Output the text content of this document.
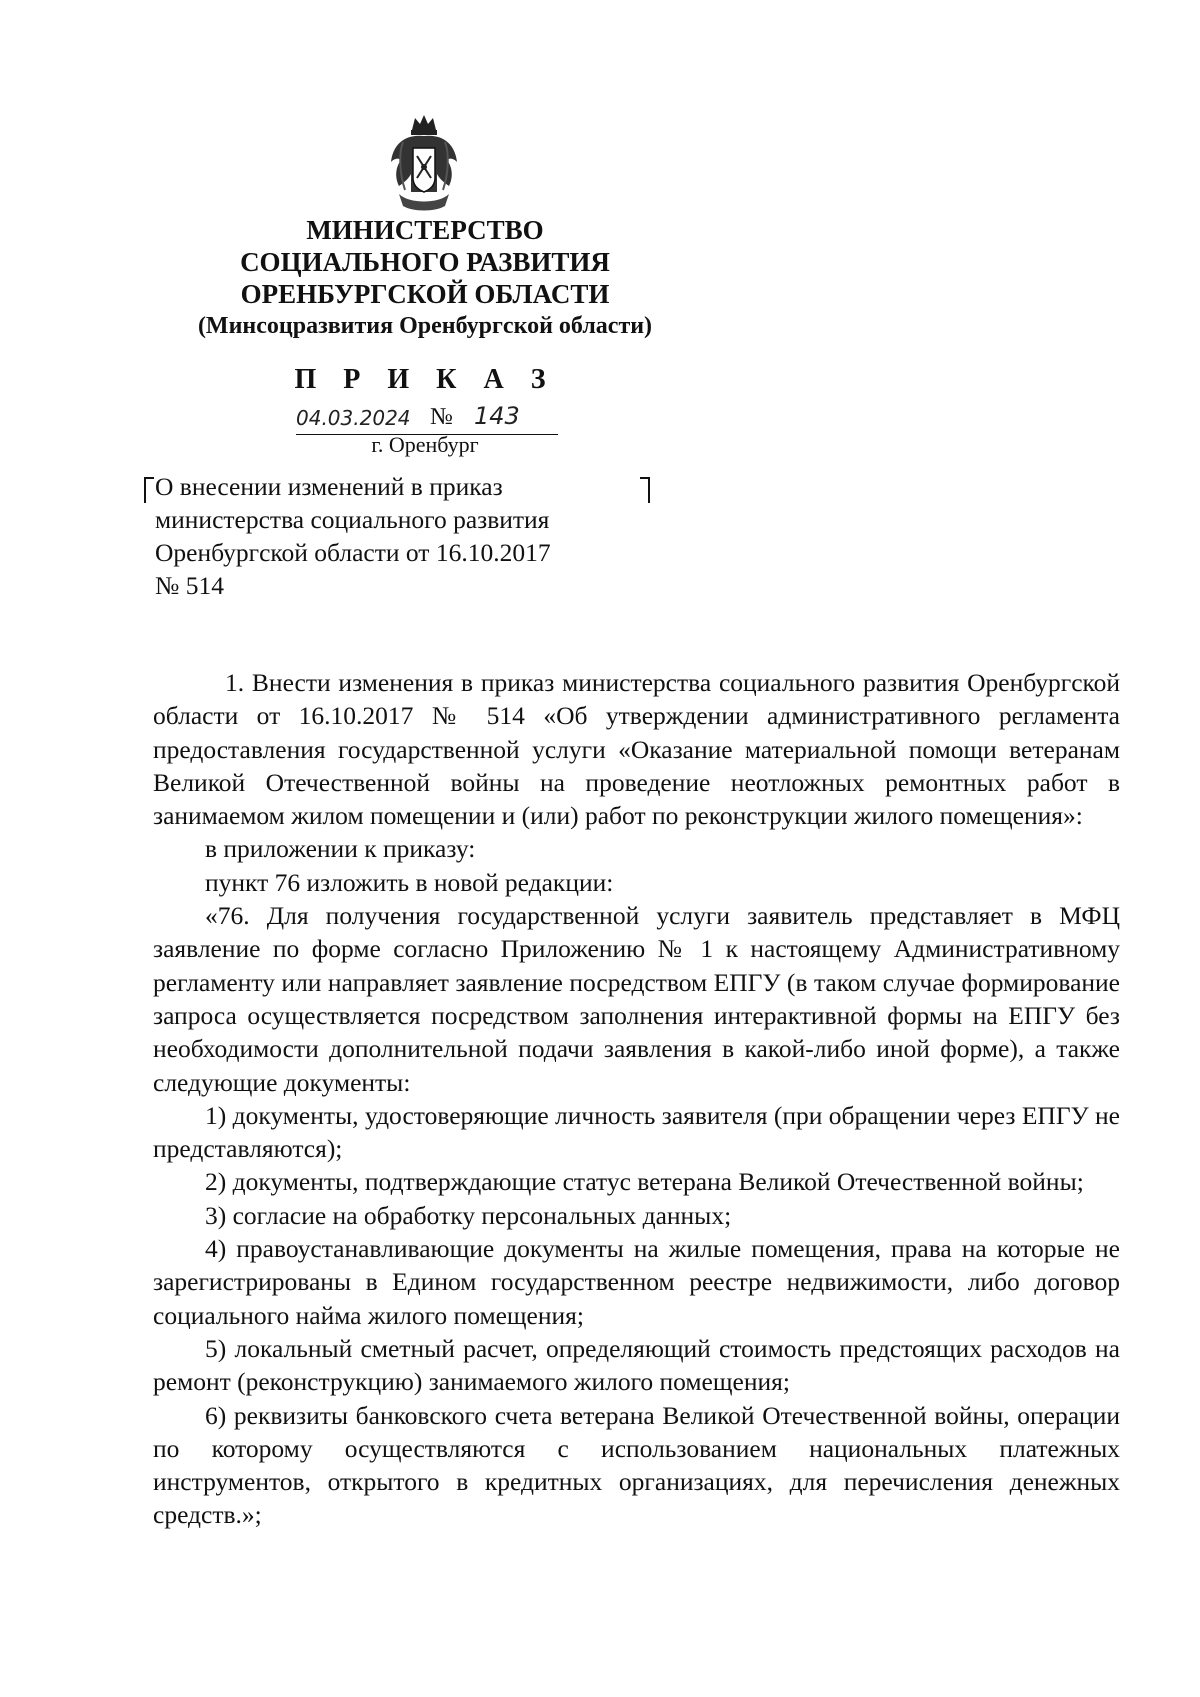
МИНИСТЕРСТВО
СОЦИАЛЬНОГО РАЗВИТИЯ
ОРЕНБУРГСКОЙ ОБЛАСТИ
(Минсоцразвития Оренбургской области)
П Р И К А З
04.03.2024 № 143
г. Оренбург
О внесении изменений в приказ
министерства социального развития
Оренбургской области от 16.10.2017
№ 514

1. Внести изменения в приказ министерства социального развития Оренбургской области от 16.10.2017 № 514 «Об утверждении административного регламента предоставления государственной услуги «Оказание материальной помощи ветеранам Великой Отечественной войны на проведение неотложных ремонтных работ в занимаемом жилом помещении и (или) работ по реконструкции жилого помещения»:

в приложении к приказу:

пункт 76 изложить в новой редакции:

«76. Для получения государственной услуги заявитель представляет в МФЦ заявление по форме согласно Приложению № 1 к настоящему Административному регламенту или направляет заявление посредством ЕПГУ (в таком случае формирование запроса осуществляется посредством заполнения интерактивной формы на ЕПГУ без необходимости дополнительной подачи заявления в какой-либо иной форме), а также следующие документы:

1) документы, удостоверяющие личность заявителя (при обращении через ЕПГУ не представляются);

2) документы, подтверждающие статус ветерана Великой Отечественной войны;

3) согласие на обработку персональных данных;

4) правоустанавливающие документы на жилые помещения, права на которые не зарегистрированы в Едином государственном реестре недвижимости, либо договор социального найма жилого помещения;

5) локальный сметный расчет, определяющий стоимость предстоящих расходов на ремонт (реконструкцию) занимаемого жилого помещения;

6) реквизиты банковского счета ветерана Великой Отечественной войны, операции по которому осуществляются с использованием национальных платежных инструментов, открытого в кредитных организациях, для перечисления денежных средств.»;
